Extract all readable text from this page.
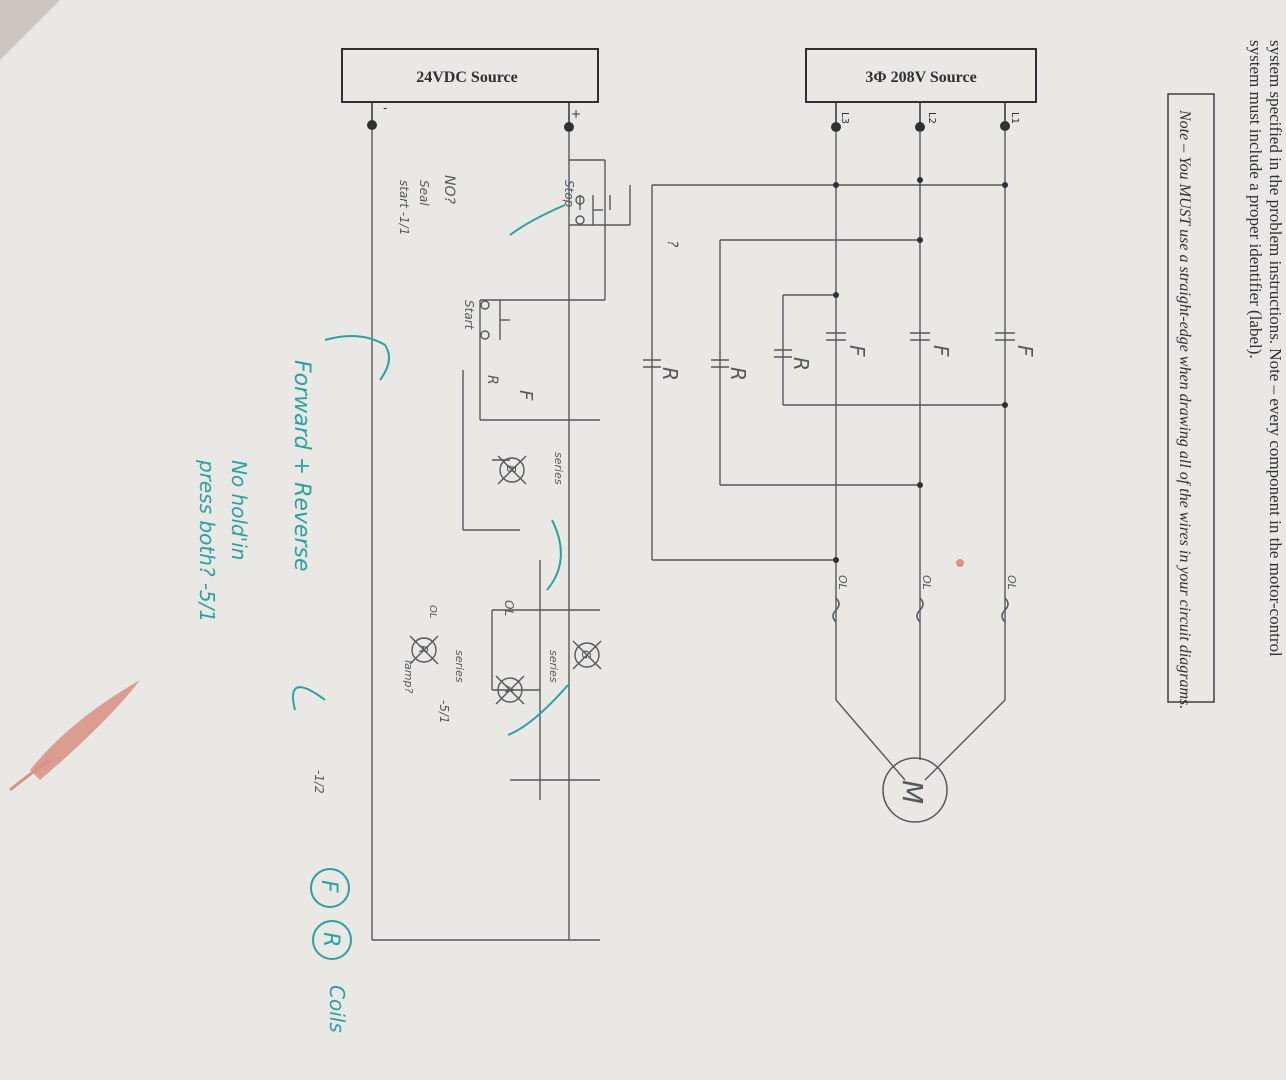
system specified in the problem instructions. Note – every component in the motor-control
system must include a proper identifier (label).
Note – You MUST use a straight-edge when drawing all of the wires in your circuit diagrams.
24VDC Source
-	+
3Φ 208V Source
L1
L2
L3
F
F
F
R
R
R
OL
OL
OL
M
Stop
Start
F
R
?
B
G
A
R
OL
OL
NO?
Seal
start -1/1
series
series
series
-5/1
lamp?
-1/2
Forward + Reverse
No hold'in
press both? -5/1
F
R
Coils
